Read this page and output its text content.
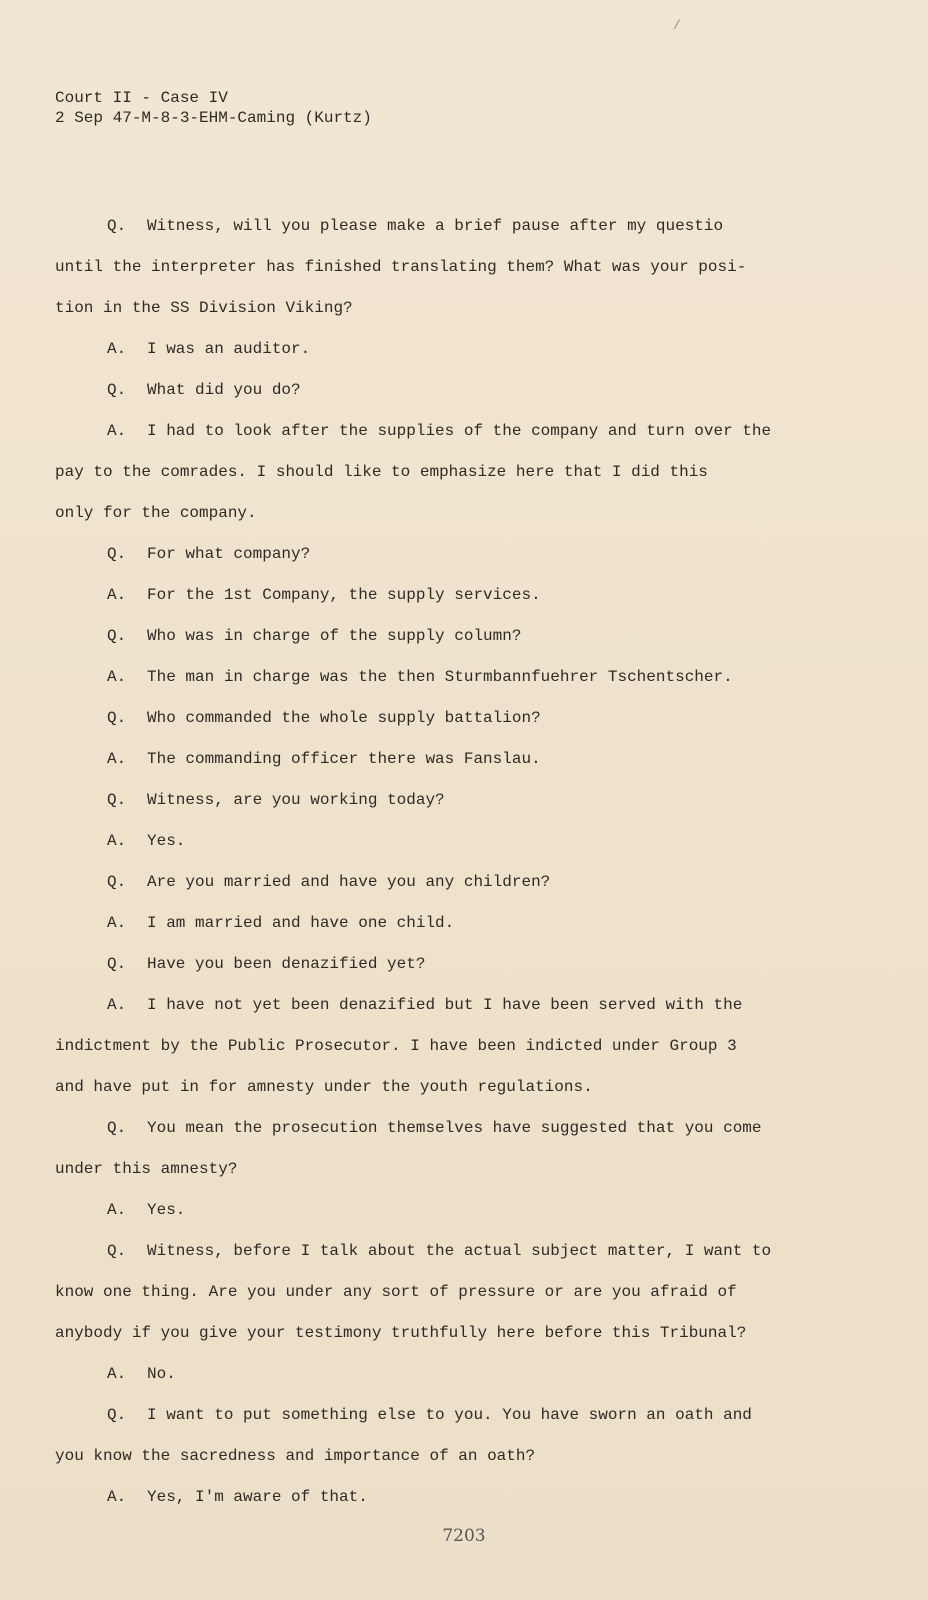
Court II - Case IV
2 Sep 47-M-8-3-EHM-Caming (Kurtz)

Q. Witness, will you please make a brief pause after my questio

until the interpreter has finished translating them? What was your posi-

tion in the SS Division Viking?

A. I was an auditor.

Q. What did you do?

A. I had to look after the supplies of the company and turn over the

pay to the comrades. I should like to emphasize here that I did this

only for the company.

Q. For what company?

A. For the 1st Company, the supply services.

Q. Who was in charge of the supply column?

A. The man in charge was the then Sturmbannfuehrer Tschentscher.

Q. Who commanded the whole supply battalion?

A. The commanding officer there was Fanslau.

Q. Witness, are you working today?

A. Yes.

Q. Are you married and have you any children?

A. I am married and have one child.

Q. Have you been denazified yet?

A. I have not yet been denazified but I have been served with the

indictment by the Public Prosecutor. I have been indicted under Group 3

and have put in for amnesty under the youth regulations.

Q. You mean the prosecution themselves have suggested that you come

under this amnesty?

A. Yes.

Q. Witness, before I talk about the actual subject matter, I want to

know one thing. Are you under any sort of pressure or are you afraid of

anybody if you give your testimony truthfully here before this Tribunal?

A. No.

Q. I want to put something else to you. You have sworn an oath and

you know the sacredness and importance of an oath?

A. Yes, I'm aware of that.

7203
/
